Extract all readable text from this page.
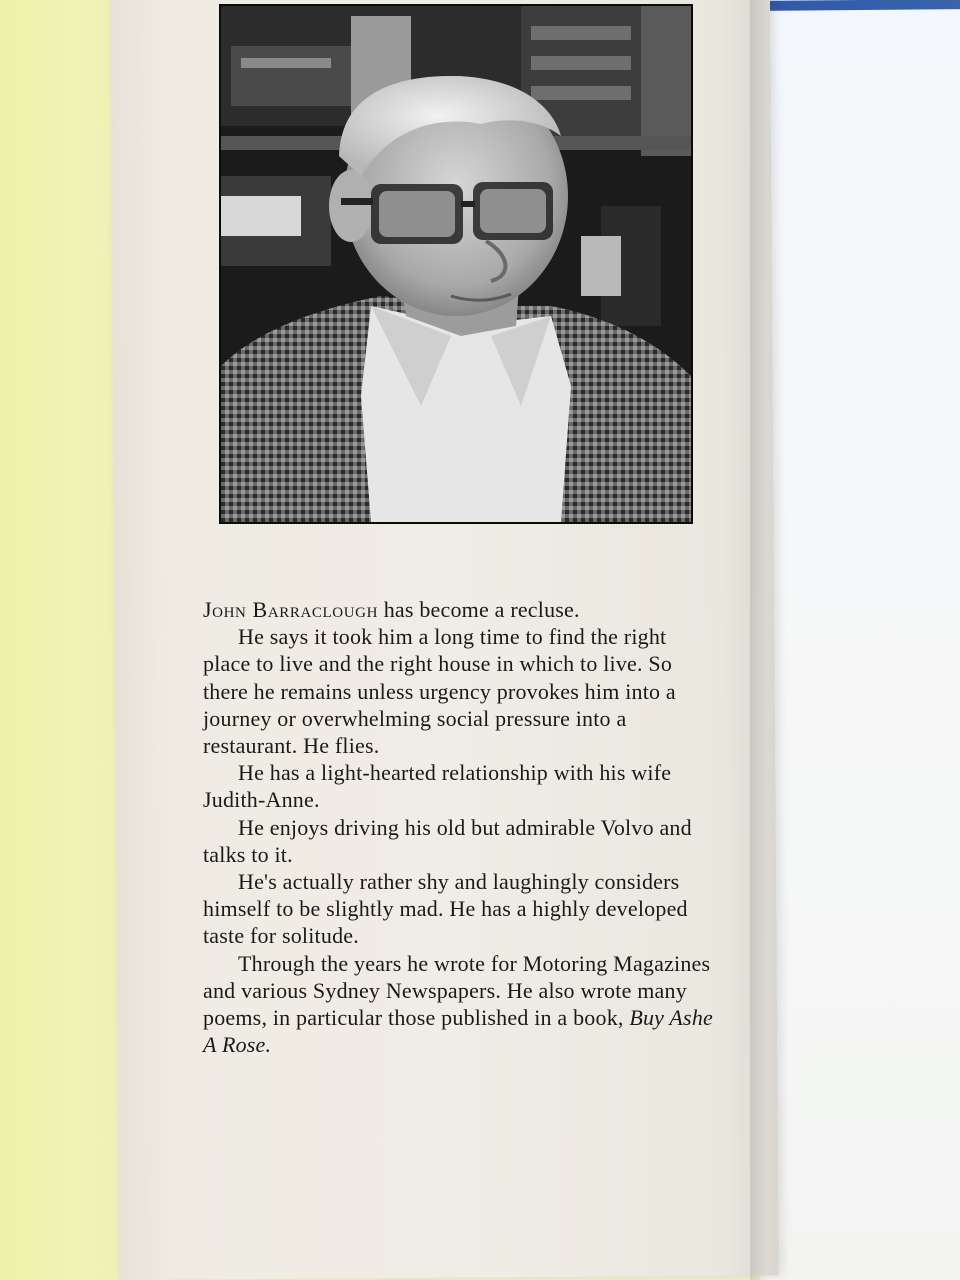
John Barraclough has become a recluse.

He says it took him a long time to find the right place to live and the right house in which to live. So there he remains unless urgency provokes him into a journey or overwhelming social pressure into a restaurant. He flies.

He has a light-hearted relationship with his wife Judith-Anne.

He enjoys driving his old but admirable Volvo and talks to it.

He's actually rather shy and laughingly considers himself to be slightly mad. He has a highly developed taste for solitude.

Through the years he wrote for Motoring Magazines and various Sydney Newspapers. He also wrote many poems, in particular those published in a book, Buy Ashe A Rose.
